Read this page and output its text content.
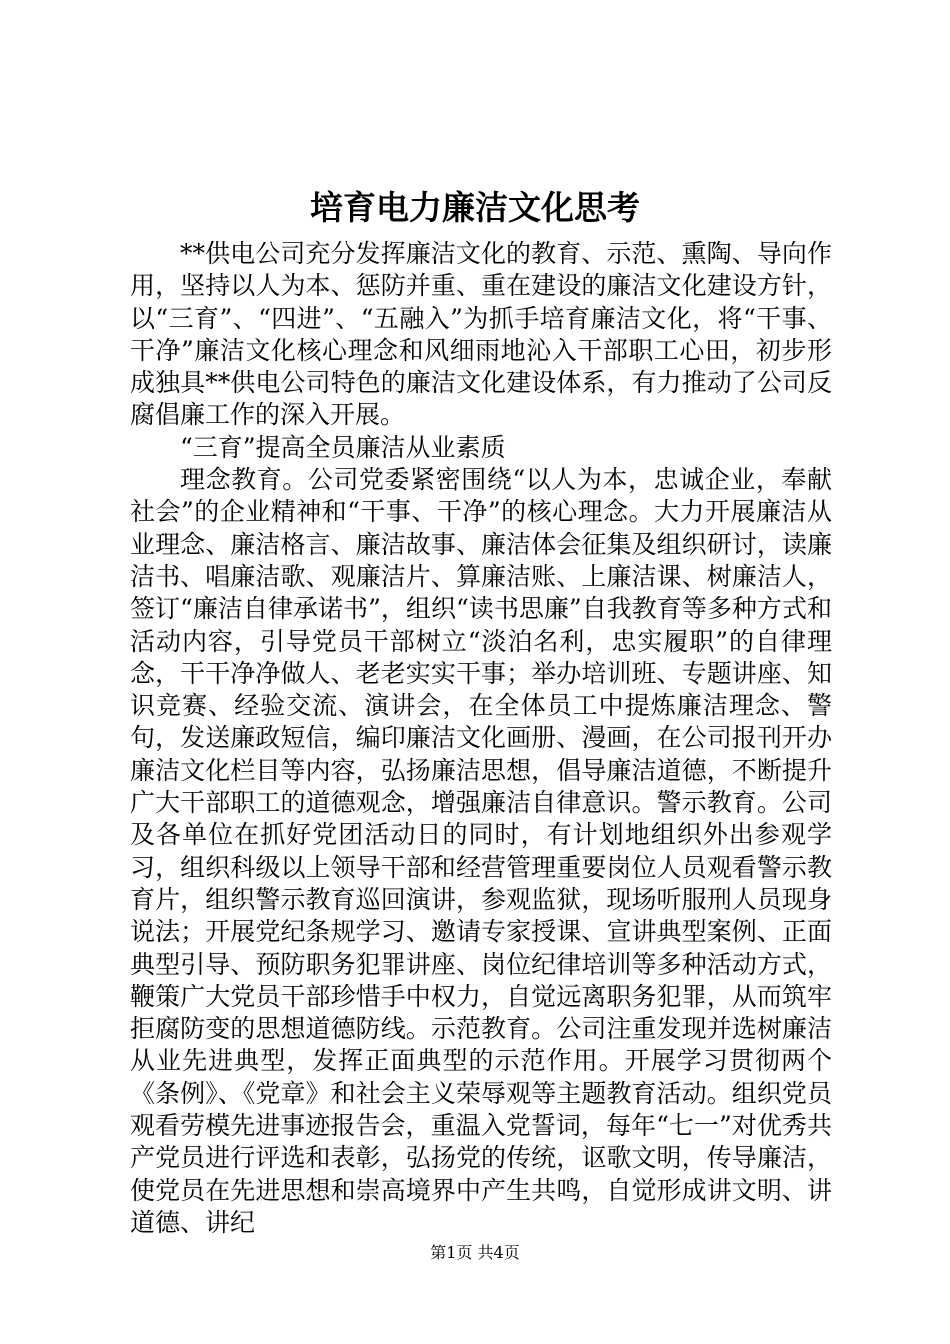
培育电力廉洁文化思考

**供电公司充分发挥廉洁文化的教育、示范、熏陶、导向作用，坚持以人为本、惩防并重、重在建设的廉洁文化建设方针，以“三育”、“四进”、“五融入”为抓手培育廉洁文化，将“干事、干净”廉洁文化核心理念和风细雨地沁入干部职工心田，初步形成独具**供电公司特色的廉洁文化建设体系，有力推动了公司反腐倡廉工作的深入开展。

“三育”提高全员廉洁从业素质

理念教育。公司党委紧密围绕“以人为本，忠诚企业，奉献社会”的企业精神和“干事、干净”的核心理念。大力开展廉洁从业理念、廉洁格言、廉洁故事、廉洁体会征集及组织研讨，读廉洁书、唱廉洁歌、观廉洁片、算廉洁账、上廉洁课、树廉洁人，签订“廉洁自律承诺书”，组织“读书思廉”自我教育等多种方式和活动内容，引导党员干部树立“淡泊名利，忠实履职”的自律理念，干干净净做人、老老实实干事；举办培训班、专题讲座、知识竞赛、经验交流、演讲会，在全体员工中提炼廉洁理念、警句，发送廉政短信，编印廉洁文化画册、漫画，在公司报刊开办廉洁文化栏目等内容，弘扬廉洁思想，倡导廉洁道德，不断提升广大干部职工的道德观念，增强廉洁自律意识。警示教育。公司及各单位在抓好党团活动日的同时，有计划地组织外出参观学习，组织科级以上领导干部和经营管理重要岗位人员观看警示教育片，组织警示教育巡回演讲，参观监狱，现场听服刑人员现身说法；开展党纪条规学习、邀请专家授课、宣讲典型案例、正面典型引导、预防职务犯罪讲座、岗位纪律培训等多种活动方式，鞭策广大党员干部珍惜手中权力，自觉远离职务犯罪，从而筑牢拒腐防变的思想道德防线。示范教育。公司注重发现并选树廉洁从业先进典型，发挥正面典型的示范作用。开展学习贯彻两个《条例》、《党章》和社会主义荣辱观等主题教育活动。组织党员观看劳模先进事迹报告会，重温入党誓词，每年“七一”对优秀共产党员进行评选和表彰，弘扬党的传统，讴歌文明，传导廉洁，使党员在先进思想和崇高境界中产生共鸣，自觉形成讲文明、讲道德、讲纪

第1页 共4页
